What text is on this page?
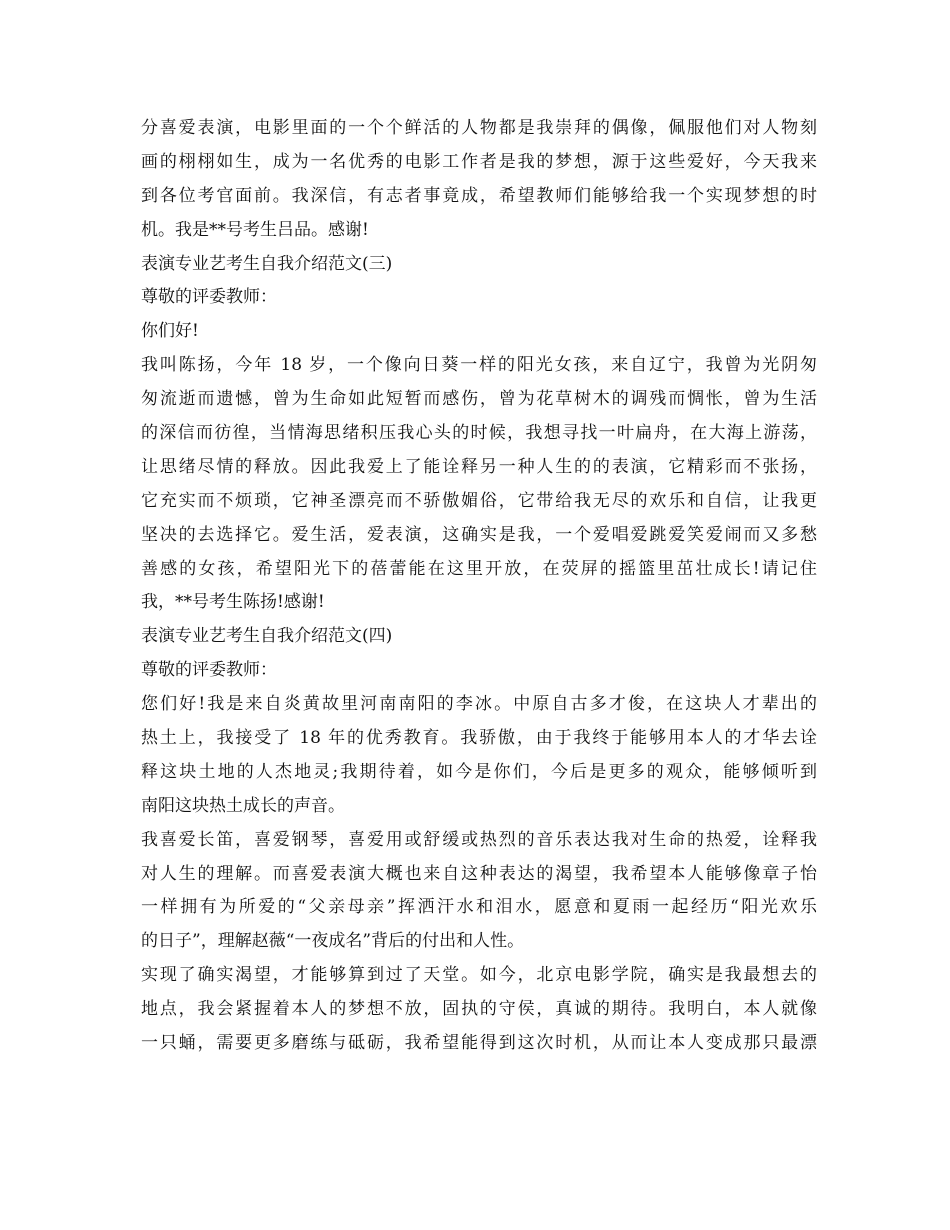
分喜爱表演，电影里面的一个个鲜活的人物都是我崇拜的偶像，佩服他们对人物刻
画的栩栩如生，成为一名优秀的电影工作者是我的梦想，源于这些爱好，今天我来
到各位考官面前。我深信，有志者事竟成，希望教师们能够给我一个实现梦想的时
机。我是**号考生吕品。感谢!
表演专业艺考生自我介绍范文(三)
尊敬的评委教师：
你们好!
我叫陈扬，今年 18 岁，一个像向日葵一样的阳光女孩，来自辽宁，我曾为光阴匆
匆流逝而遗憾，曾为生命如此短暂而感伤，曾为花草树木的调残而惆怅，曾为生活
的深信而彷徨，当情海思绪积压我心头的时候，我想寻找一叶扁舟，在大海上游荡，
让思绪尽情的释放。因此我爱上了能诠释另一种人生的的表演，它精彩而不张扬，
它充实而不烦琐，它神圣漂亮而不骄傲媚俗，它带给我无尽的欢乐和自信，让我更
坚决的去选择它。爱生活，爱表演，这确实是我，一个爱唱爱跳爱笑爱闹而又多愁
善感的女孩，希望阳光下的蓓蕾能在这里开放，在荧屏的摇篮里茁壮成长!请记住
我，**号考生陈扬!感谢!
表演专业艺考生自我介绍范文(四)
尊敬的评委教师：
您们好!我是来自炎黄故里河南南阳的李冰。中原自古多才俊，在这块人才辈出的
热土上，我接受了 18 年的优秀教育。我骄傲，由于我终于能够用本人的才华去诠
释这块土地的人杰地灵;我期待着，如今是你们，今后是更多的观众，能够倾听到
南阳这块热土成长的声音。
我喜爱长笛，喜爱钢琴，喜爱用或舒缓或热烈的音乐表达我对生命的热爱，诠释我
对人生的理解。而喜爱表演大概也来自这种表达的渴望，我希望本人能够像章子怡
一样拥有为所爱的“父亲母亲”挥洒汗水和泪水，愿意和夏雨一起经历“阳光欢乐
的日子”，理解赵薇“一夜成名”背后的付出和人性。
实现了确实渴望，才能够算到过了天堂。如今，北京电影学院，确实是我最想去的
地点，我会紧握着本人的梦想不放，固执的守侯，真诚的期待。我明白，本人就像
一只蛹，需要更多磨练与砥砺，我希望能得到这次时机，从而让本人变成那只最漂
